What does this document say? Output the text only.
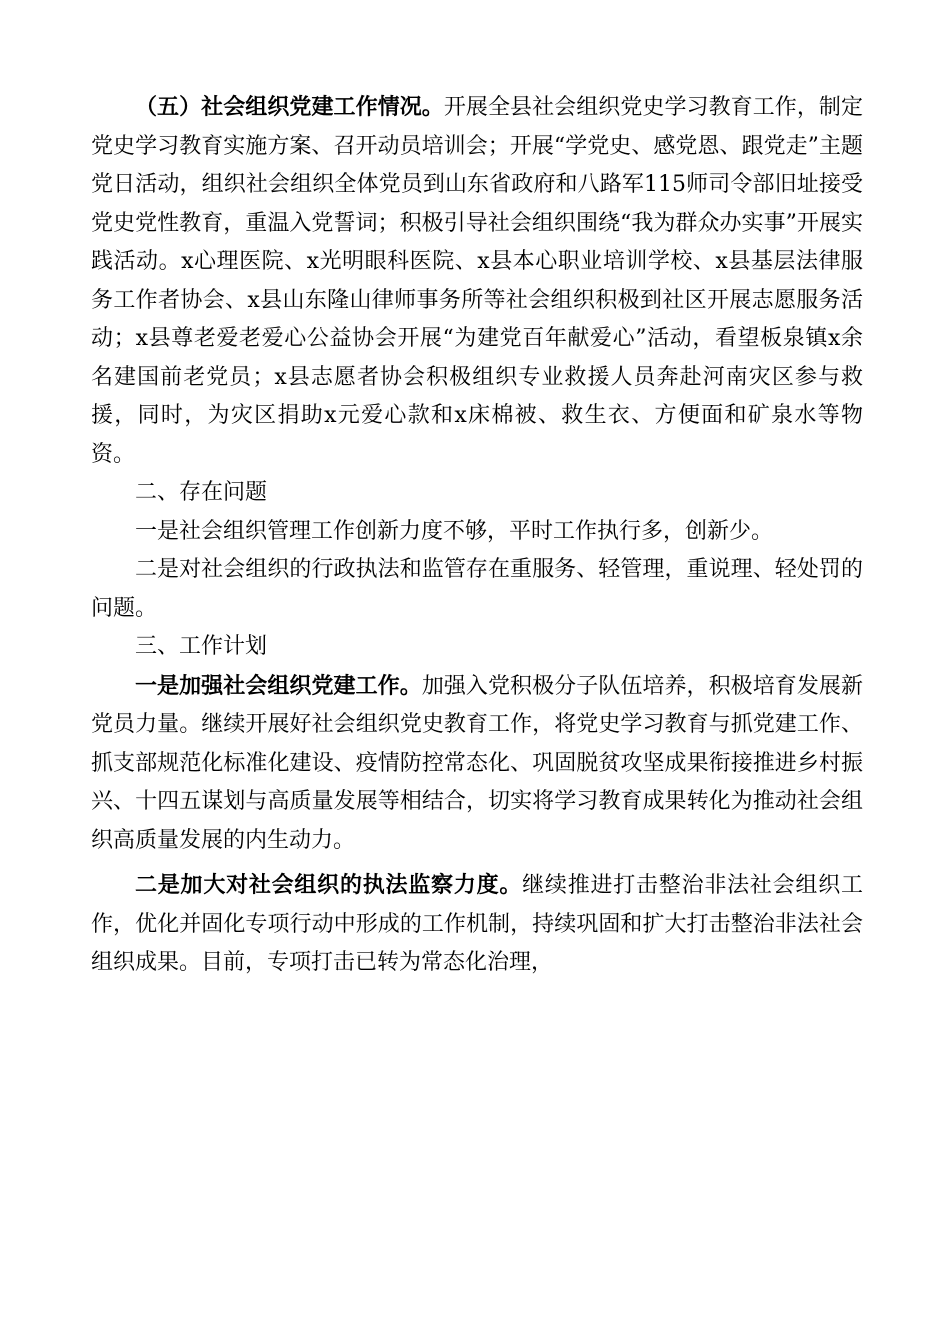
（五）社会组织党建工作情况。开展全县社会组织党史学习教育工作，制定党史学习教育实施方案、召开动员培训会；开展“学党史、感党恩、跟党走”主题党日活动，组织社会组织全体党员到山东省政府和八路军115师司令部旧址接受党史党性教育，重温入党誓词；积极引导社会组织围绕“我为群众办实事”开展实践活动。x心理医院、x光明眼科医院、x县本心职业培训学校、x县基层法律服务工作者协会、x县山东隆山律师事务所等社会组织积极到社区开展志愿服务活动；x县尊老爱老爱心公益协会开展“为建党百年献爱心”活动，看望板泉镇x余名建国前老党员；x县志愿者协会积极组织专业救援人员奔赴河南灾区参与救援，同时，为灾区捐助x元爱心款和x床棉被、救生衣、方便面和矿泉水等物资。

二、存在问题

一是社会组织管理工作创新力度不够，平时工作执行多，创新少。

二是对社会组织的行政执法和监管存在重服务、轻管理，重说理、轻处罚的问题。

三、工作计划

一是加强社会组织党建工作。加强入党积极分子队伍培养，积极培育发展新党员力量。继续开展好社会组织党史教育工作，将党史学习教育与抓党建工作、抓支部规范化标准化建设、疫情防控常态化、巩固脱贫攻坚成果衔接推进乡村振兴、十四五谋划与高质量发展等相结合，切实将学习教育成果转化为推动社会组织高质量发展的内生动力。

二是加大对社会组织的执法监察力度。继续推进打击整治非法社会组织工作，优化并固化专项行动中形成的工作机制，持续巩固和扩大打击整治非法社会组织成果。目前，专项打击已转为常态化治理，
